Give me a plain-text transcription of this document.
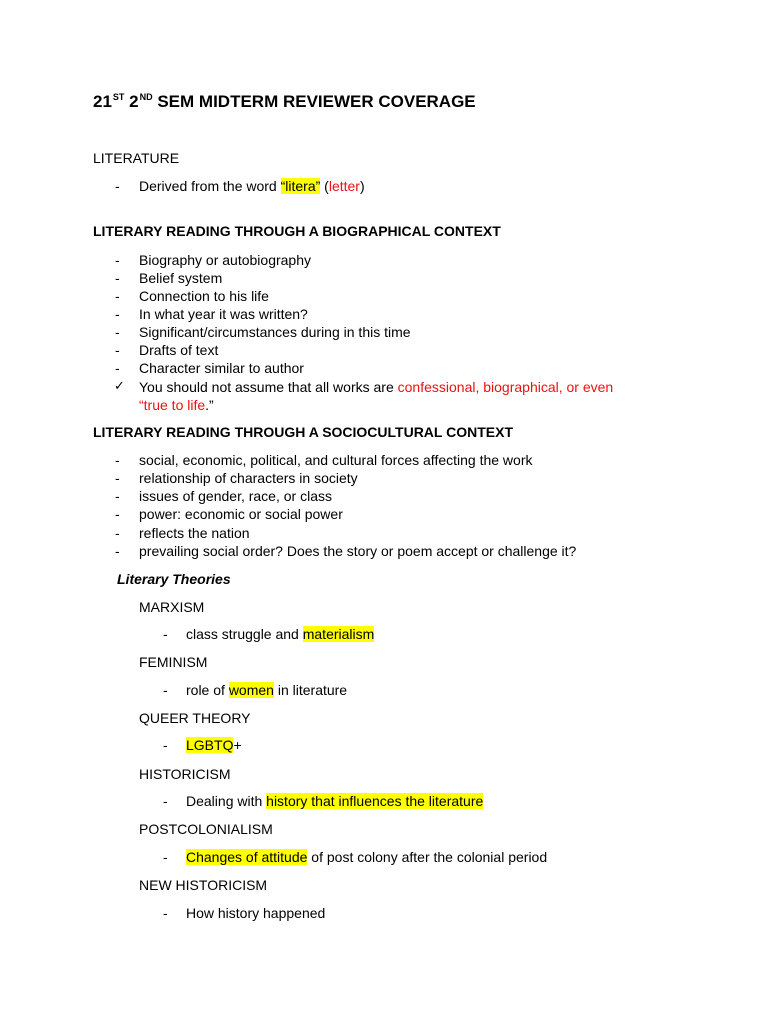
21ST 2ND SEM MIDTERM REVIEWER COVERAGE
LITERATURE
-	Derived from the word “litera” (letter)
LITERARY READING THROUGH A BIOGRAPHICAL CONTEXT
-	Biography or autobiography
-	Belief system
-	Connection to his life
-	In what year it was written?
-	Significant/circumstances during in this time
-	Drafts of text
-	Character similar to author
✓ You should not assume that all works are confessional, biographical, or even
“true to life.”
LITERARY READING THROUGH A SOCIOCULTURAL CONTEXT
-	social, economic, political, and cultural forces affecting the work
-	relationship of characters in society
-	issues of gender, race, or class
-	power: economic or social power
-	reflects the nation
-	prevailing social order? Does the story or poem accept or challenge it?
Literary Theories
MARXISM
-	class struggle and materialism
FEMINISM
-	role of women in literature
QUEER THEORY
-	LGBTQ+
HISTORICISM
-	Dealing with history that influences the literature
POSTCOLONIALISM
-	Changes of attitude of post colony after the colonial period
NEW HISTORICISM
-	How history happened
